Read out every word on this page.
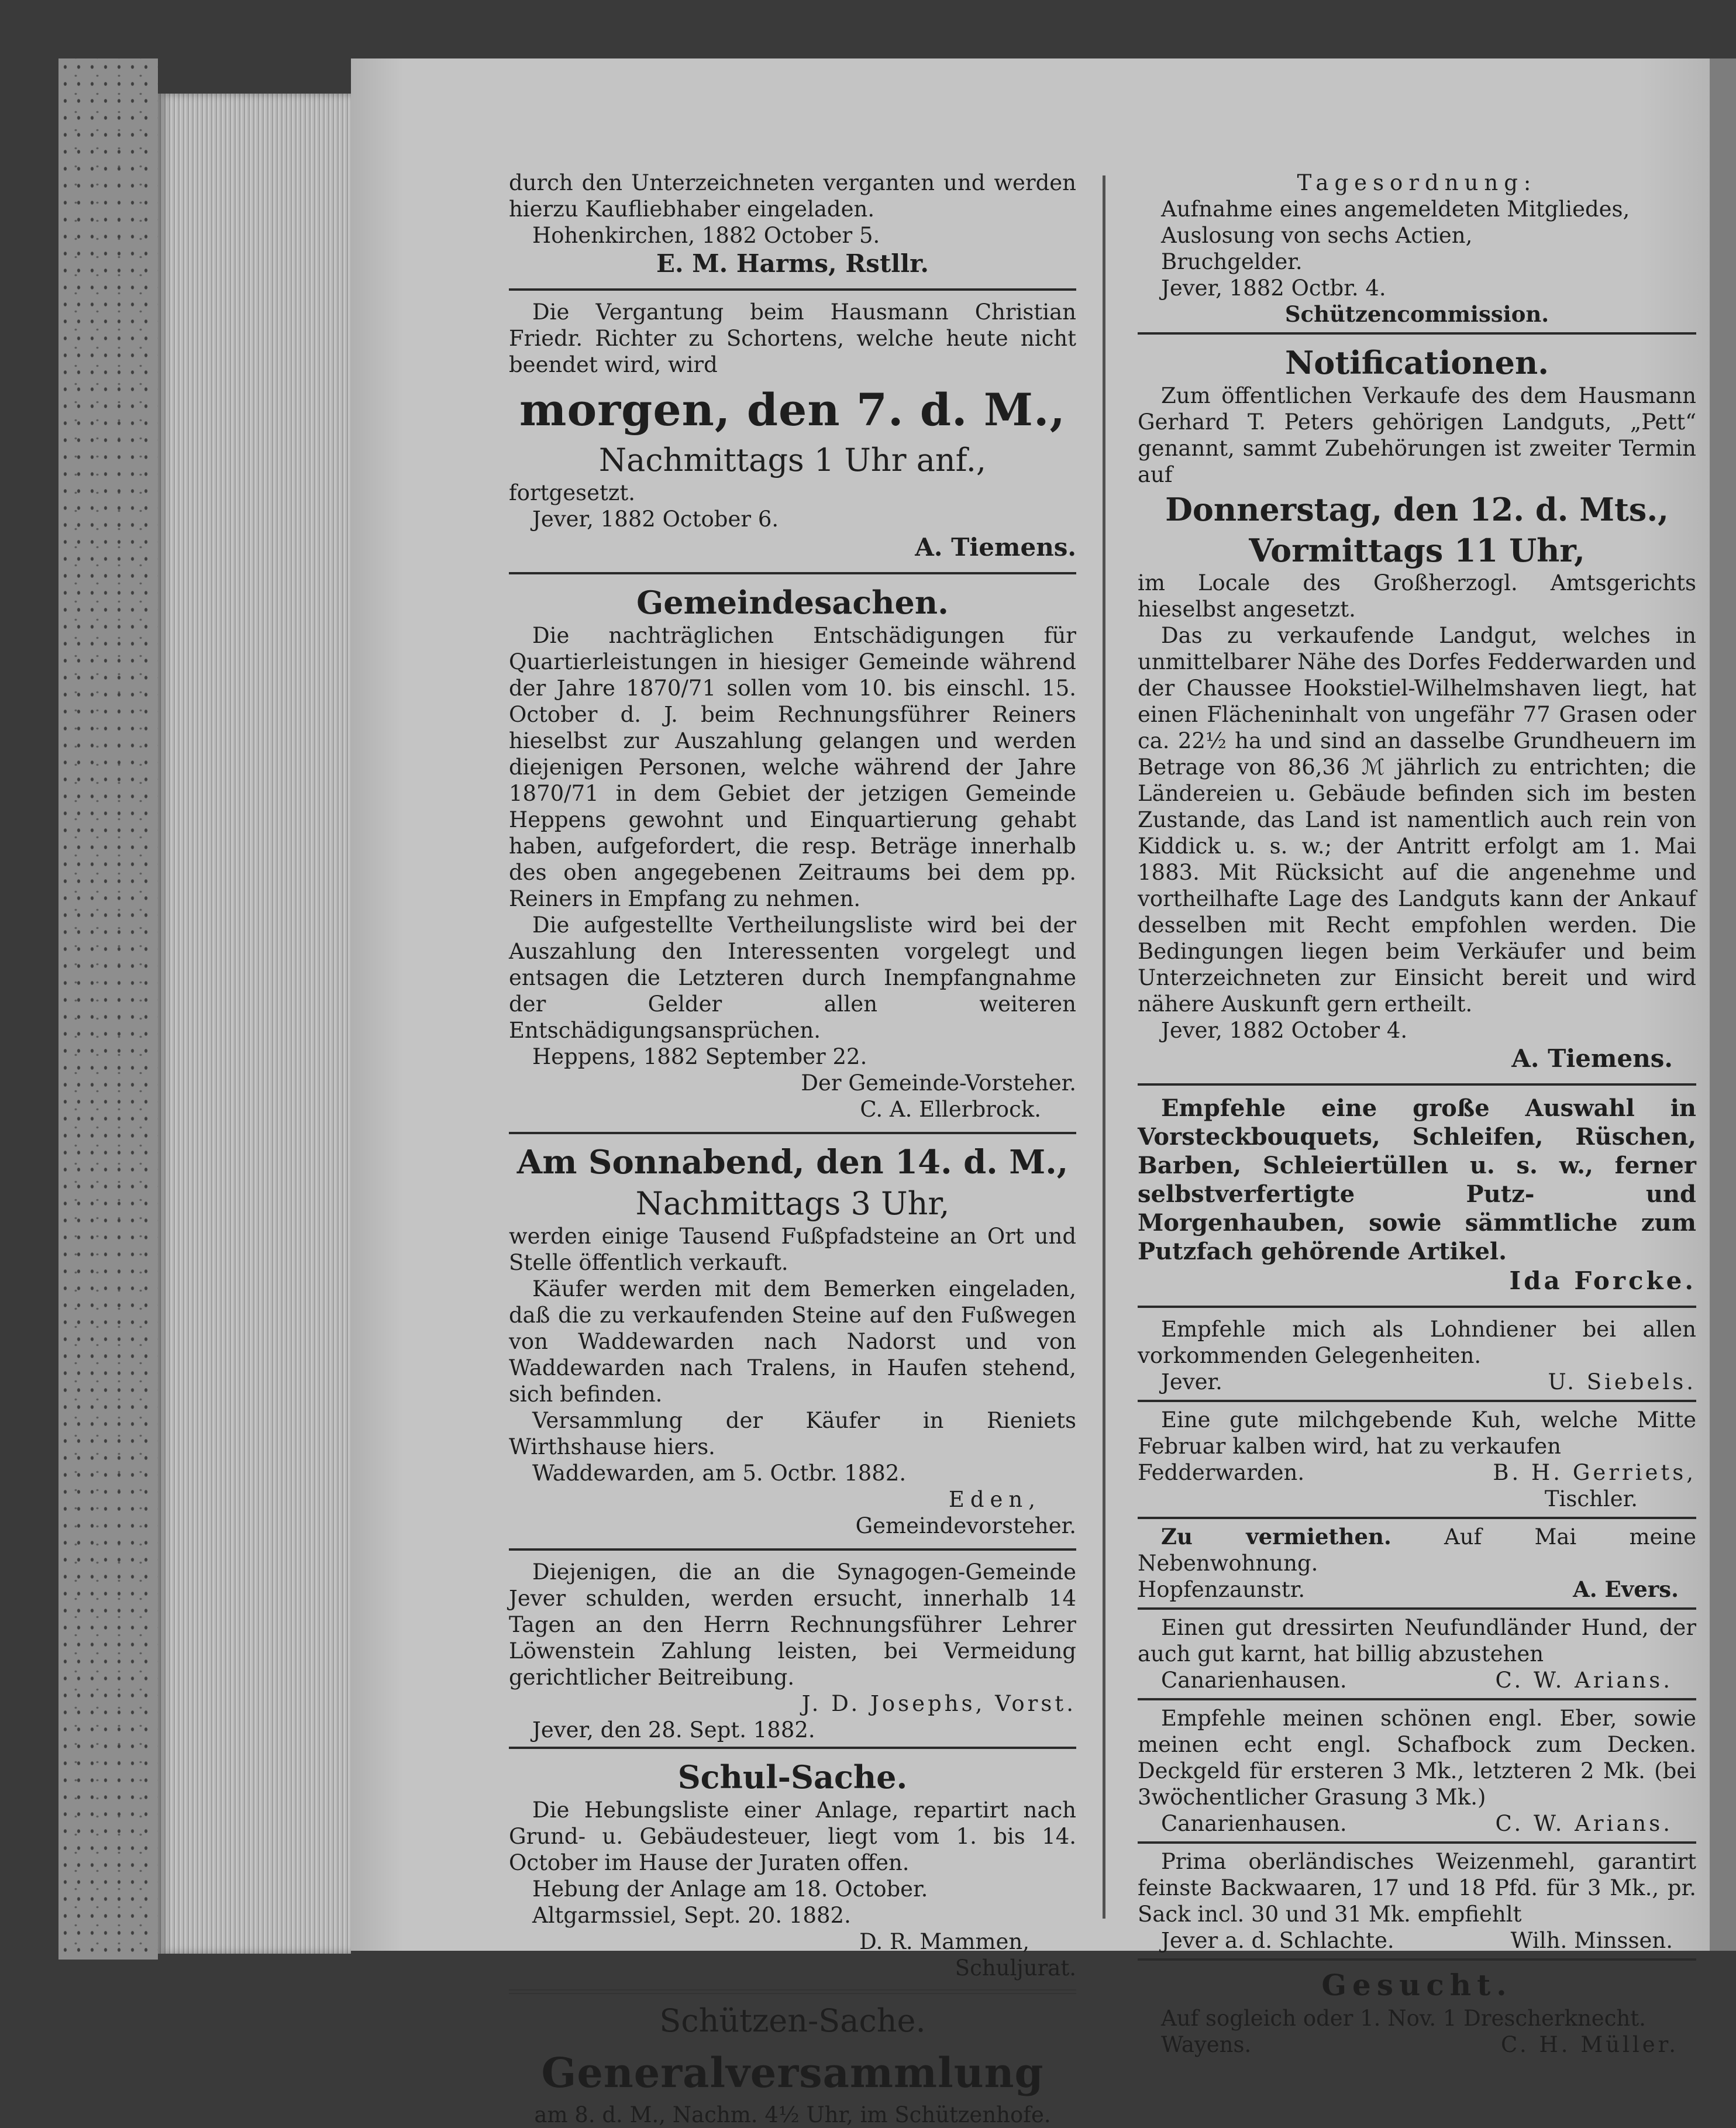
durch den Unterzeichneten verganten und werden hierzu Kaufliebhaber eingeladen.

Hohenkirchen, 1882 October 5.

E. M. Harms, Rstllr.

Die Vergantung beim Hausmann Christian Friedr. Richter zu Schortens, welche heute nicht beendet wird, wird

morgen, den 7. d. M.,

Nachmittags 1 Uhr anf.,

fortgesetzt.

Jever, 1882 October 6.

A. Tiemens.

Gemeindesachen.

Die nachträglichen Entschädigungen für Quartierleistungen in hiesiger Gemeinde während der Jahre 1870/71 sollen vom 10. bis einschl. 15. October d. J. beim Rechnungsführer Reiners hieselbst zur Auszahlung gelangen und werden diejenigen Personen, welche während der Jahre 1870/71 in dem Gebiet der jetzigen Gemeinde Heppens gewohnt und Einquartierung gehabt haben, aufgefordert, die resp. Beträge innerhalb des oben angegebenen Zeitraums bei dem pp. Reiners in Empfang zu nehmen.

Die aufgestellte Vertheilungsliste wird bei der Auszahlung den Interessenten vorgelegt und entsagen die Letzteren durch Inempfangnahme der Gelder allen weiteren Entschädigungsansprüchen.

Heppens, 1882 September 22.

Der Gemeinde-Vorsteher.

C. A. Ellerbrock.

Am Sonnabend, den 14. d. M.,

Nachmittags 3 Uhr,

werden einige Tausend Fußpfadsteine an Ort und Stelle öffentlich verkauft.

Käufer werden mit dem Bemerken eingeladen, daß die zu verkaufenden Steine auf den Fußwegen von Waddewarden nach Nadorst und von Waddewarden nach Tralens, in Haufen stehend, sich befinden.

Versammlung der Käufer in Rieniets Wirthshause hiers.

Waddewarden, am 5. Octbr. 1882.

Eden,

Gemeindevorsteher.

Diejenigen, die an die Synagogen-Gemeinde Jever schulden, werden ersucht, innerhalb 14 Tagen an den Herrn Rechnungsführer Lehrer Löwenstein Zahlung leisten, bei Vermeidung gerichtlicher Beitreibung.

J. D. Josephs, Vorst.

Jever, den 28. Sept. 1882.

Schul-Sache.

Die Hebungsliste einer Anlage, repartirt nach Grund- u. Gebäudesteuer, liegt vom 1. bis 14. October im Hause der Juraten offen.

Hebung der Anlage am 18. October.

Altgarmssiel, Sept. 20. 1882.

D. R. Mammen,

Schuljurat.

Schützen-Sache.

Generalversammlung

am 8. d. M., Nachm. 4½ Uhr, im Schützenhofe.

Tagesordnung:

Aufnahme eines angemeldeten Mitgliedes,

Auslosung von sechs Actien,

Bruchgelder.

Jever, 1882 Octbr. 4.

Schützencommission.

Notificationen.

Zum öffentlichen Verkaufe des dem Hausmann Gerhard T. Peters gehörigen Landguts, „Pett“ genannt, sammt Zubehörungen ist zweiter Termin auf

Donnerstag, den 12. d. Mts.,

Vormittags 11 Uhr,

im Locale des Großherzogl. Amtsgerichts hieselbst angesetzt.

Das zu verkaufende Landgut, welches in unmittelbarer Nähe des Dorfes Fedderwarden und der Chaussee Hookstiel-Wilhelmshaven liegt, hat einen Flächeninhalt von ungefähr 77 Grasen oder ca. 22½ ha und sind an dasselbe Grundheuern im Betrage von 86,36 ℳ jährlich zu entrichten; die Ländereien u. Gebäude befinden sich im besten Zustande, das Land ist namentlich auch rein von Kiddick u. s. w.; der Antritt erfolgt am 1. Mai 1883. Mit Rücksicht auf die angenehme und vortheilhafte Lage des Landguts kann der Ankauf desselben mit Recht empfohlen werden. Die Bedingungen liegen beim Verkäufer und beim Unterzeichneten zur Einsicht bereit und wird nähere Auskunft gern ertheilt.

Jever, 1882 October 4.

A. Tiemens.

Empfehle eine große Auswahl in Vorsteckbouquets, Schleifen, Rüschen, Barben, Schleiertüllen u. s. w., ferner selbstverfertigte Putz- und Morgenhauben, sowie sämmtliche zum Putzfach gehörende Artikel.

Ida Forcke.

Empfehle mich als Lohndiener bei allen vorkommenden Gelegenheiten.

Jever.	U. Siebels.

Eine gute milchgebende Kuh, welche Mitte Februar kalben wird, hat zu verkaufen

Fedderwarden.	B. H. Gerriets,

Tischler.

Zu vermiethen. Auf Mai meine Nebenwohnung.

Hopfenzaunstr.	A. Evers.

Einen gut dressirten Neufundländer Hund, der auch gut karnt, hat billig abzustehen

Canarienhausen.	C. W. Arians.

Empfehle meinen schönen engl. Eber, sowie meinen echt engl. Schafbock zum Decken. Deckgeld für ersteren 3 Mk., letzteren 2 Mk. (bei 3wöchentlicher Grasung 3 Mk.)

Canarienhausen.	C. W. Arians.

Prima oberländisches Weizenmehl, garantirt feinste Backwaaren, 17 und 18 Pfd. für 3 Mk., pr. Sack incl. 30 und 31 Mk. empfiehlt

Jever a. d. Schlachte.	Wilh. Minssen.

Gesucht.

Auf sogleich oder 1. Nov. 1 Drescherknecht.

Wayens.	C. H. Müller.
